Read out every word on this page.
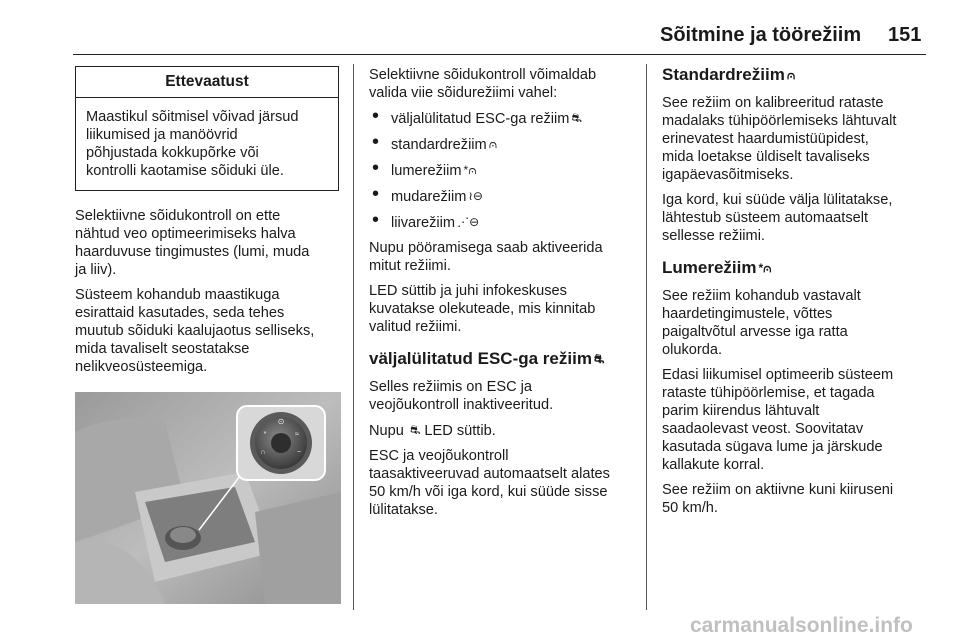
Sõitmine ja töörežiim 151
Ettevaatust
Maastikul sõitmisel võivad järsud
liikumised ja manöövrid
põhjustada kokkupõrke või
kontrolli kaotamise sõiduki üle.

Selektiivne sõidukontroll on ette
nähtud veo optimeerimiseks halva
haarduvuse tingimustes (lumi, muda
ja liiv).

Süsteem kohandub maastikuga
esirattaid kasutades, seda tehes
muutub sõiduki kaalujaotus selliseks,
mida tavaliselt seostatakse
nelikveosüsteemiga.

⊙
*	≈
∩	~

Selektiivne sõidukontroll võimaldab
valida viie sõidurežiimi vahel:

• väljalülitatud ESC-ga režiim ⛐
• standardrežiim ⩀
• lumerežiim *⩀
• mudarežiim ≀⊖
• liivarežiim ⋰⊖

Nupu pööramisega saab aktiveerida
mitut režiimi.

LED süttib ja juhi infokeskuses
kuvatakse olekuteade, mis kinnitab
valitud režiimi.

väljalülitatud ESC-ga režiim ⛐

Selles režiimis on ESC ja
veojõukontroll inaktiveeritud.

Nupu ⛐ LED süttib.

ESC ja veojõukontroll
taasaktiveeruvad automaatselt alates
50 km/h või iga kord, kui süüde sisse
lülitatakse.

Standardrežiim ⩀

See režiim on kalibreeritud rataste
madalaks tühipöörlemiseks lähtuvalt
erinevatest haardumistüüpidest,
mida loetakse üldiselt tavaliseks
igapäevasõitmiseks.

Iga kord, kui süüde välja lülitatakse,
lähtestub süsteem automaatselt
sellesse režiimi.

Lumerežiim *⩀

See režiim kohandub vastavalt
haardetingimustele, võttes
paigaltvõtul arvesse iga ratta
olukorda.

Edasi liikumisel optimeerib süsteem
rataste tühipöörlemise, et tagada
parim kiirendus lähtuvalt
saadaolevast veost. Soovitatav
kasutada sügava lume ja järskude
kallakute korral.

See režiim on aktiivne kuni kiiruseni
50 km/h.

carmanualsonline.info
